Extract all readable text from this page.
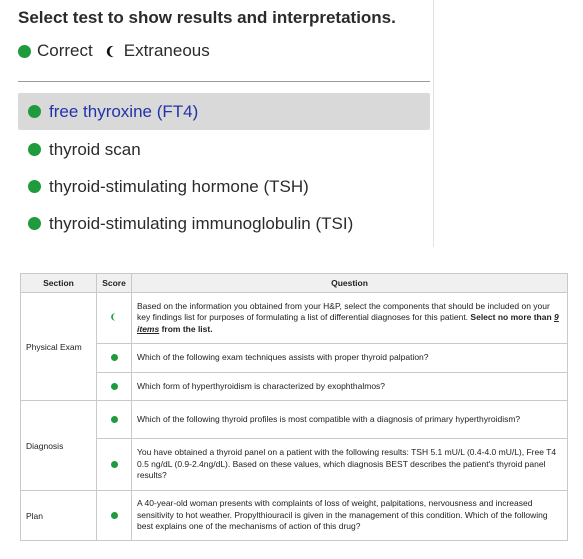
Select test to show results and interpretations.
Correct Extraneous
free thyroxine (FT4)
thyroid scan
thyroid-stimulating hormone (TSH)
thyroid-stimulating immunoglobulin (TSI)
Section	Score	Question
Physical Exam		Based on the information you obtained from your H&P, select the components that should be included on your key findings list for purposes of formulating a list of differential diagnoses for this patient. Select no more than 9 items from the list.
		Which of the following exam techniques assists with proper thyroid palpation?
		Which form of hyperthyroidism is characterized by exophthalmos?
Diagnosis		Which of the following thyroid profiles is most compatible with a diagnosis of primary hyperthyroidism?
		You have obtained a thyroid panel on a patient with the following results: TSH 5.1 mU/L (0.4-4.0 mU/L), Free T4 0.5 ng/dL (0.9-2.4ng/dL). Based on these values, which diagnosis BEST describes the patient's thyroid panel results?
Plan		A 40-year-old woman presents with complaints of loss of weight, palpitations, nervousness and increased sensitivity to hot weather. Propylthiouracil is given in the management of this condition. Which of the following best explains one of the mechanisms of action of this drug?
